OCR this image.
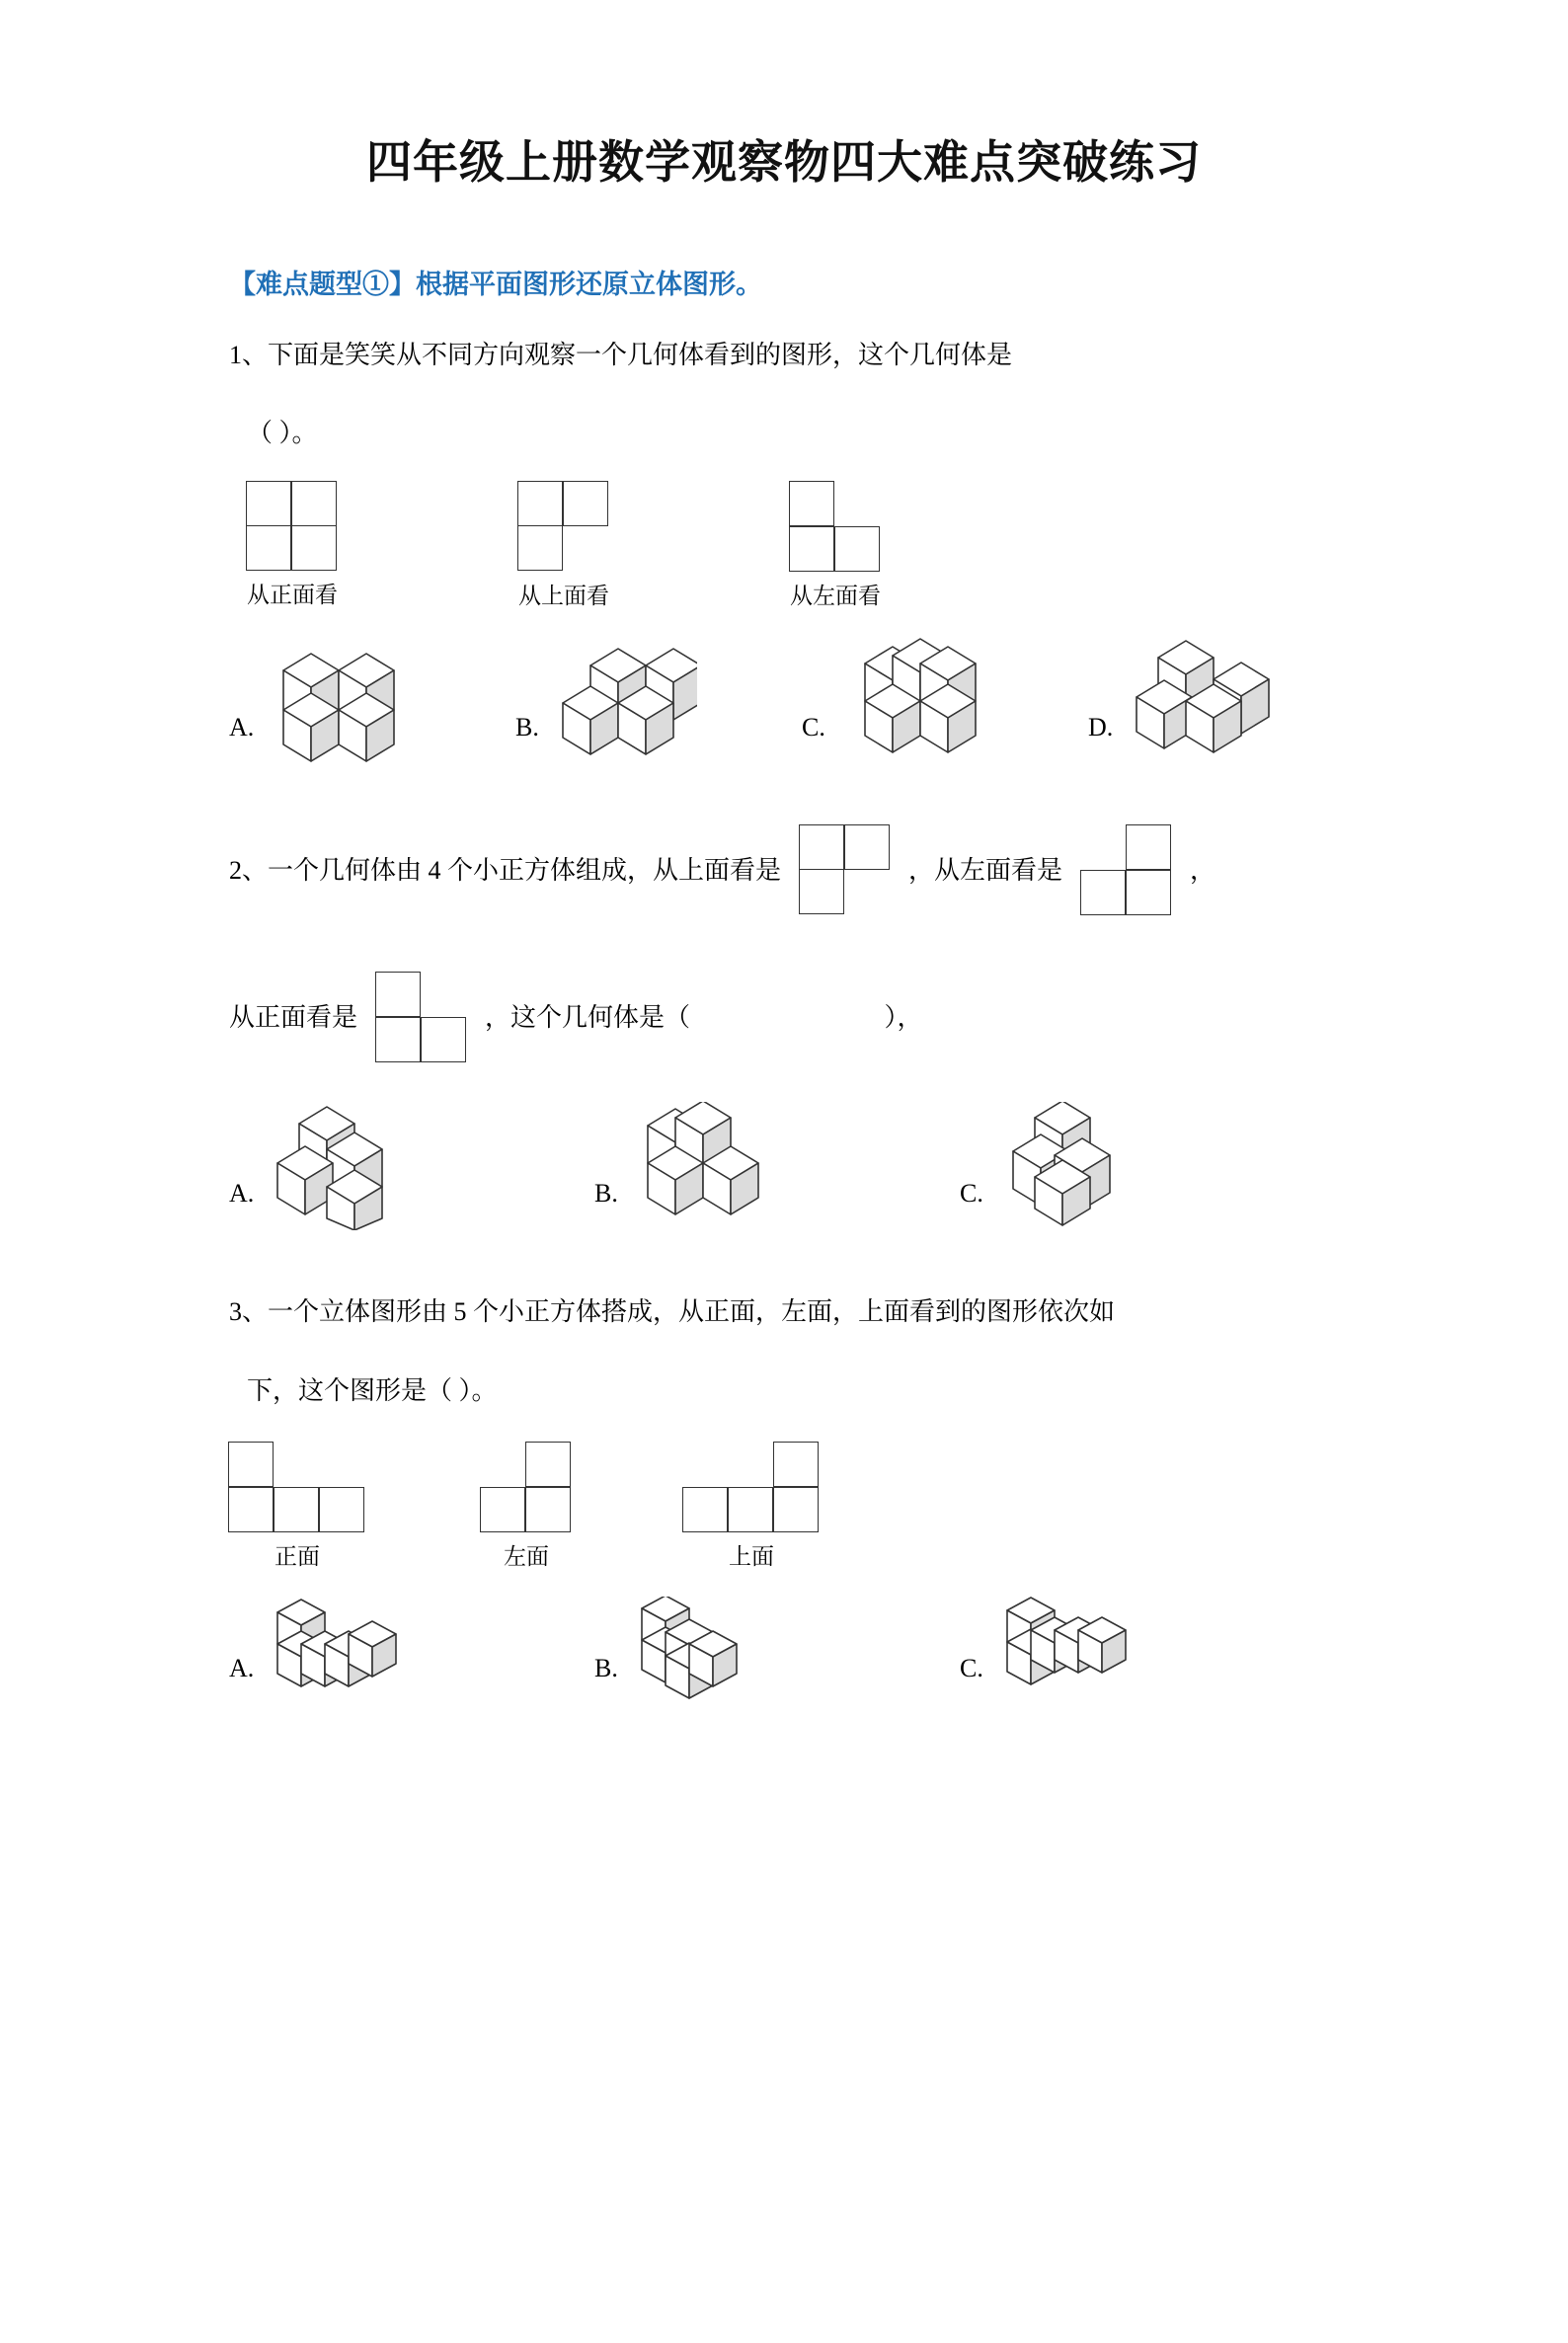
四年级上册数学观察物四大难点突破练习
【难点题型①】根据平面图形还原立体图形。
1、下面是笑笑从不同方向观察一个几何体看到的图形，这个几何体是
（ ）。
从正面看	从上面看	从左面看
A.	B.	C.	D.
2、一个几何体由 4 个小正方体组成，从上面看是	，从左面看是	，
从正面看是	，这个几何体是（	），
A.	B.	C.
3、一个立体图形由 5 个小正方体搭成，从正面，左面，上面看到的图形依次如
下，这个图形是（ ）。
正面	左面	上面
A.	B.	C.
